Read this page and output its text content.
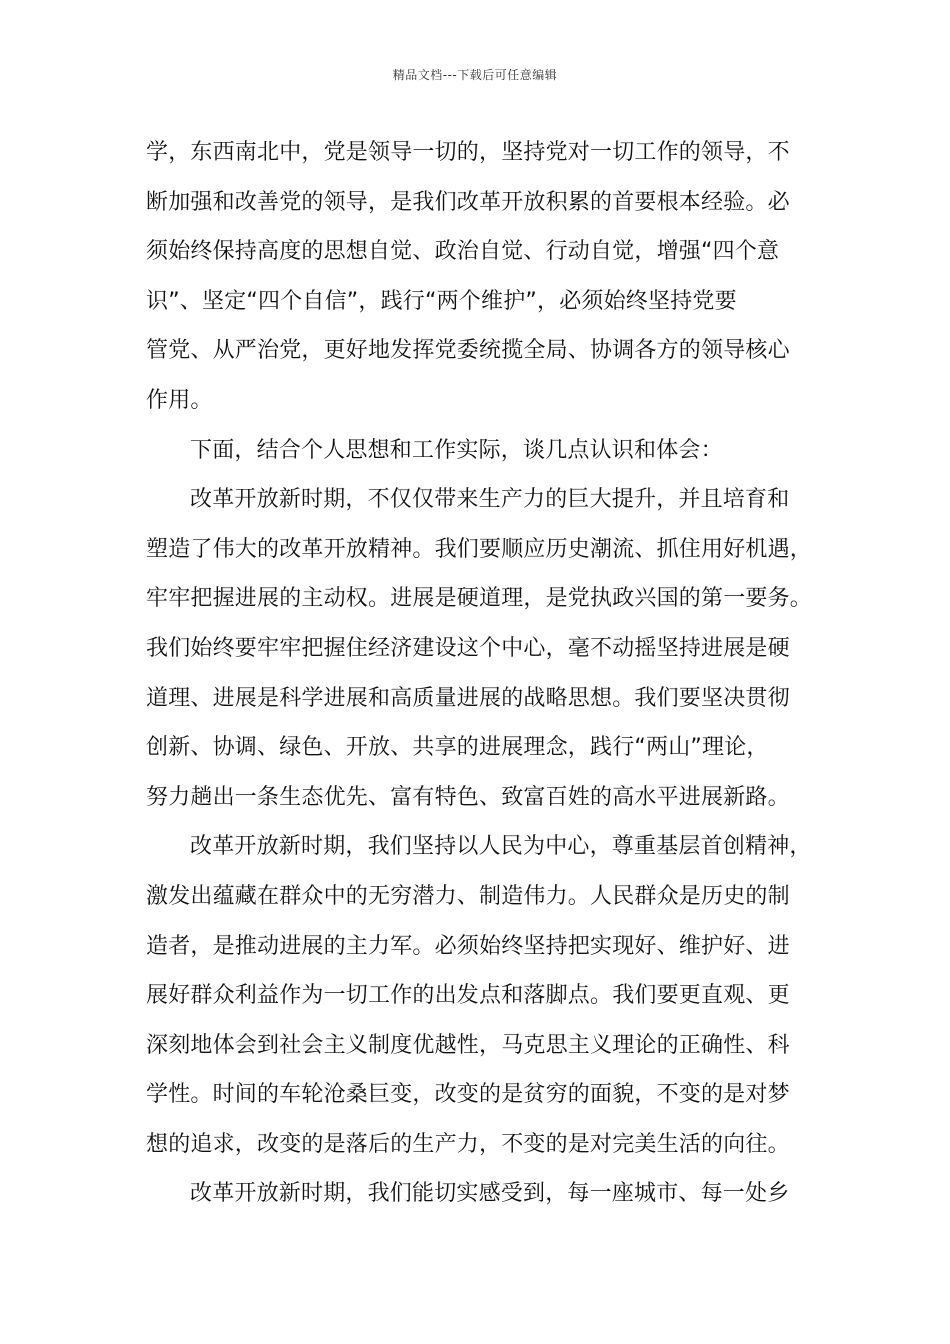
精品文档---下载后可任意编辑
学，东西南北中，党是领导一切的，坚持党对一切工作的领导，不
断加强和改善党的领导，是我们改革开放积累的首要根本经验。必
须始终保持高度的思想自觉、政治自觉、行动自觉，增强“四个意
识”、坚定“四个自信”，践行“两个维护”，必须始终坚持党要
管党、从严治党，更好地发挥党委统揽全局、协调各方的领导核心
作用。
下面，结合个人思想和工作实际，谈几点认识和体会：
改革开放新时期，不仅仅带来生产力的巨大提升，并且培育和
塑造了伟大的改革开放精神。我们要顺应历史潮流、抓住用好机遇，
牢牢把握进展的主动权。进展是硬道理，是党执政兴国的第一要务。
我们始终要牢牢把握住经济建设这个中心，毫不动摇坚持进展是硬
道理、进展是科学进展和高质量进展的战略思想。我们要坚决贯彻
创新、协调、绿色、开放、共享的进展理念，践行“两山”理论，
努力趟出一条生态优先、富有特色、致富百姓的高水平进展新路。
改革开放新时期，我们坚持以人民为中心，尊重基层首创精神，
激发出蕴藏在群众中的无穷潜力、制造伟力。人民群众是历史的制
造者，是推动进展的主力军。必须始终坚持把实现好、维护好、进
展好群众利益作为一切工作的出发点和落脚点。我们要更直观、更
深刻地体会到社会主义制度优越性，马克思主义理论的正确性、科
学性。时间的车轮沧桑巨变，改变的是贫穷的面貌，不变的是对梦
想的追求，改变的是落后的生产力，不变的是对完美生活的向往。
改革开放新时期，我们能切实感受到，每一座城市、每一处乡
